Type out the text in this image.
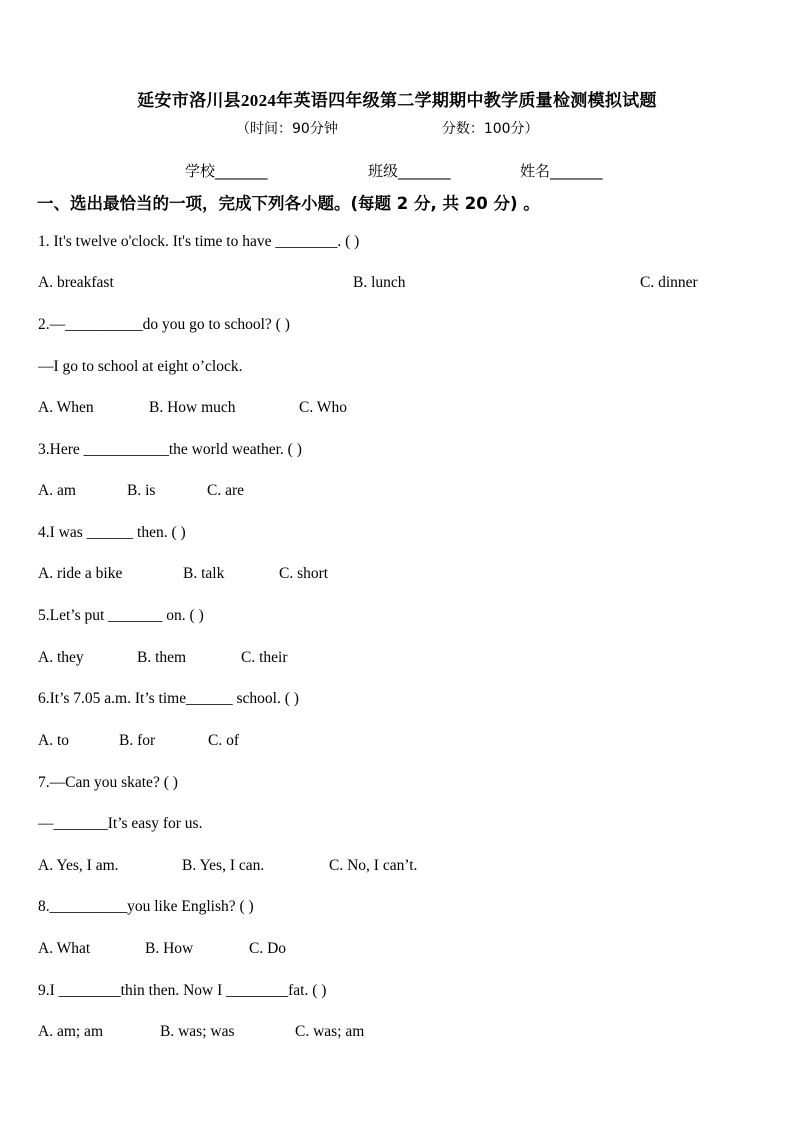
延安市洛川县2024年英语四年级第二学期期中教学质量检测模拟试题
（时间：90分钟	分数：100分）
学校_______	班级_______	姓名_______
一、选出最恰当的一项，完成下列各小题。(每题 2 分, 共 20 分) 。
1. It's twelve o'clock. It's time to have ________. ( )
A. breakfast	B. lunch	C. dinner
2.—__________do you go to school? ( )
—I go to school at eight o’clock.
A. When	B. How much	C. Who
3.Here ___________the world weather. ( )
A. am	B. is	C. are
4.I was ______ then. ( )
A. ride a bike	B. talk	C. short
5.Let’s put _______ on. ( )
A. they	B. them	C. their
6.It’s 7.05 a.m. It’s time______ school. ( )
A. to	B. for	C. of
7.—Can you skate? ( )
—_______It’s easy for us.
A. Yes, I am.	B. Yes, I can.	C. No, I can’t.
8.__________you like English? ( )
A. What	B. How	C. Do
9.I ________thin then. Now I ________fat. ( )
A. am; am	B. was; was	C. was; am
